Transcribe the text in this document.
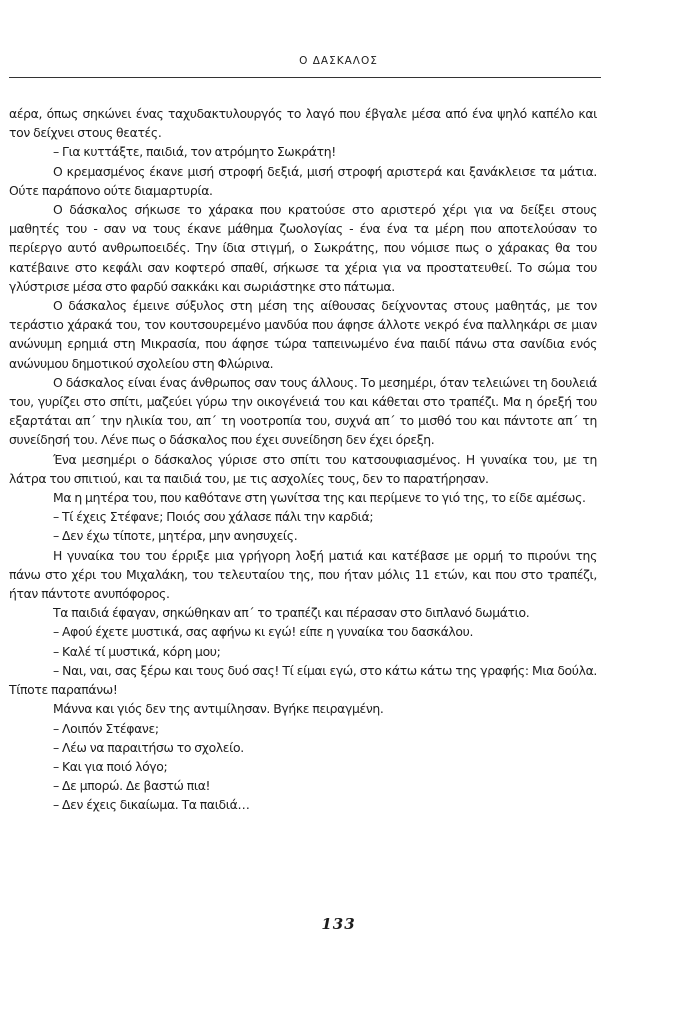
Ο ΔΑΣΚΑΛΟΣ

αέρα, όπως σηκώνει ένας ταχυδακτυλουργός το λαγό που έβγαλε μέσα από ένα ψηλό καπέλο και τον δείχνει στους θεατές.

– Για κυττάξτε, παιδιά, τον ατρόμητο Σωκράτη!

Ο κρεμασμένος έκανε μισή στροφή δεξιά, μισή στροφή αριστερά και ξανάκλεισε τα μάτια. Ούτε παράπονο ούτε διαμαρτυρία.

Ο δάσκαλος σήκωσε το χάρακα που κρατούσε στο αριστερό χέρι για να δείξει στους μαθητές του - σαν να τους έκανε μάθημα ζωολογίας - ένα ένα τα μέρη που αποτελούσαν το περίεργο αυτό ανθρωποειδές. Την ίδια στιγμή, ο Σωκράτης, που νόμισε πως ο χάρακας θα του κατέβαινε στο κεφάλι σαν κοφτερό σπαθί, σήκωσε τα χέρια για να προστατευθεί. Το σώμα του γλύστρισε μέσα στο φαρδύ σακκάκι και σωριάστηκε στο πάτωμα.

Ο δάσκαλος έμεινε σύξυλος στη μέση της αίθουσας δείχνοντας στους μαθητάς, με τον τεράστιο χάρακά του, τον κουτσουρεμένο μανδύα που άφησε άλλοτε νεκρό ένα παλληκάρι σε μιαν ανώνυμη ερημιά στη Μικρασία, που άφησε τώρα ταπεινωμένο ένα παιδί πάνω στα σανίδια ενός ανώνυμου δημοτικού σχολείου στη Φλώρινα.

Ο δάσκαλος είναι ένας άνθρωπος σαν τους άλλους. Το μεσημέρι, όταν τελειώνει τη δουλειά του, γυρίζει στο σπίτι, μαζεύει γύρω την οικογένειά του και κάθεται στο τραπέζι. Μα η όρεξή του εξαρτάται απ΄ την ηλικία του, απ΄ τη νοοτροπία του, συχνά απ΄ το μισθό του και πάντοτε απ΄ τη συνείδησή του. Λένε πως ο δάσκαλος που έχει συνείδηση δεν έχει όρεξη.

Ένα μεσημέρι ο δάσκαλος γύρισε στο σπίτι του κατσουφιασμένος. Η γυναίκα του, με τη λάτρα του σπιτιού, και τα παιδιά του, με τις ασχολίες τους, δεν το παρατήρησαν.

Μα η μητέρα του, που καθότανε στη γωνίτσα της και περίμενε το γιό της, το είδε αμέσως.

– Τί έχεις Στέφανε; Ποιός σου χάλασε πάλι την καρδιά;

– Δεν έχω τίποτε, μητέρα, μην ανησυχείς.

Η γυναίκα του του έρριξε μια γρήγορη λοξή ματιά και κατέβασε με ορμή το πιρούνι της πάνω στο χέρι του Μιχαλάκη, του τελευταίου της, που ήταν μόλις 11 ετών, και που στο τραπέζι, ήταν πάντοτε ανυπόφορος.

Τα παιδιά έφαγαν, σηκώθηκαν απ΄ το τραπέζι και πέρασαν στο διπλανό δωμάτιο.

– Αφού έχετε μυστικά, σας αφήνω κι εγώ! είπε η γυναίκα του δασκάλου.

– Καλέ τί μυστικά, κόρη μου;

– Ναι, ναι, σας ξέρω και τους δυό σας! Τί είμαι εγώ, στο κάτω κάτω της γραφής: Μια δούλα. Τίποτε παραπάνω!

Μάννα και γιός δεν της αντιμίλησαν. Βγήκε πειραγμένη.

– Λοιπόν Στέφανε;

– Λέω να παραιτήσω το σχολείο.

– Και για ποιό λόγο;

– Δε μπορώ. Δε βαστώ πια!

– Δεν έχεις δικαίωμα. Τα παιδιά…

133
